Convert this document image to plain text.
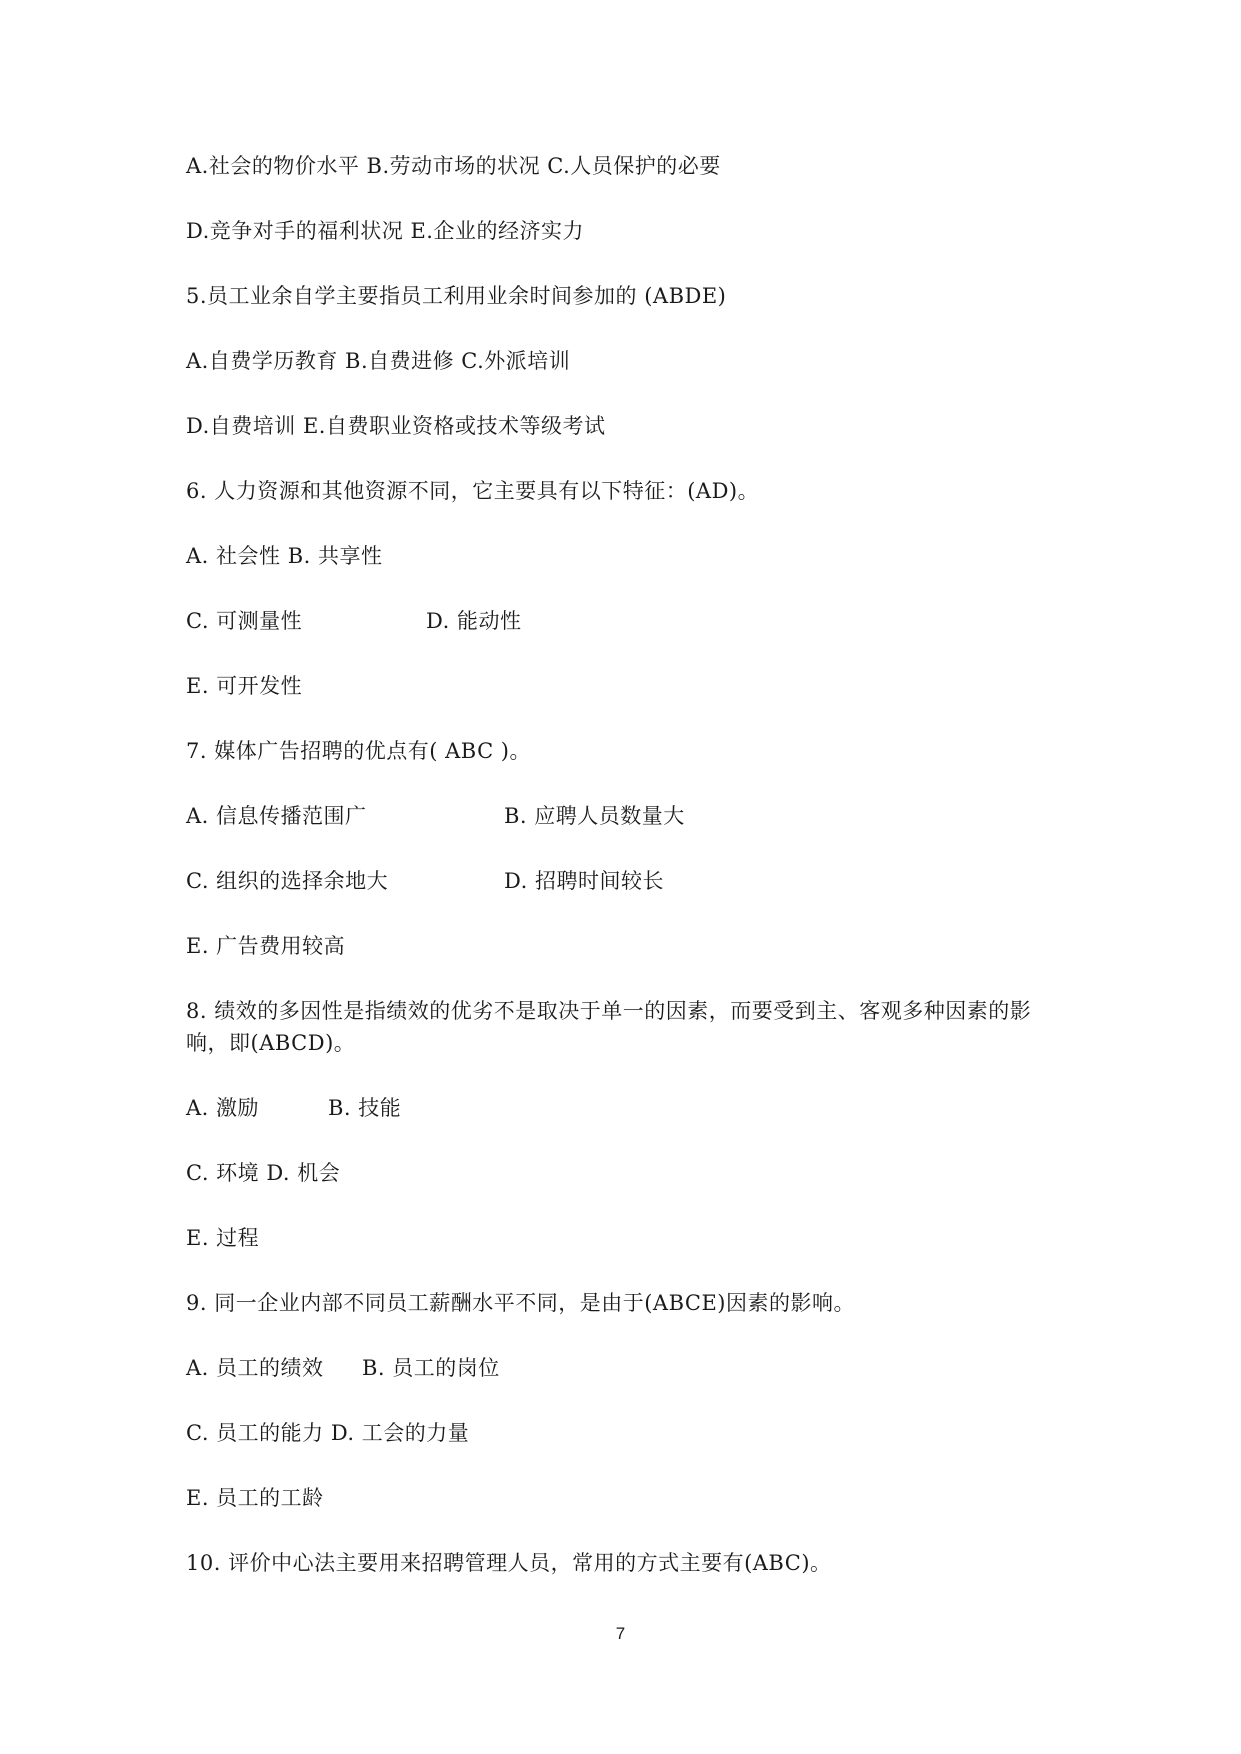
A.社会的物价水平 B.劳动市场的状况 C.人员保护的必要
D.竞争对手的福利状况 E.企业的经济实力
5.员工业余自学主要指员工利用业余时间参加的 (ABDE)
A.自费学历教育 B.自费进修 C.外派培训
D.自费培训 E.自费职业资格或技术等级考试
6. 人力资源和其他资源不同，它主要具有以下特征：(AD)。
A. 社会性 B. 共享性
C. 可测量性	D. 能动性
E. 可开发性
7. 媒体广告招聘的优点有( ABC )。
A. 信息传播范围广	B. 应聘人员数量大
C. 组织的选择余地大	D. 招聘时间较长
E. 广告费用较高
8. 绩效的多因性是指绩效的优劣不是取决于单一的因素，而要受到主、客观多种因素的影响，即(ABCD)。
A. 激励	B. 技能
C. 环境 D. 机会
E. 过程
9. 同一企业内部不同员工薪酬水平不同，是由于(ABCE)因素的影响。
A. 员工的绩效 B. 员工的岗位
C. 员工的能力 D. 工会的力量
E. 员工的工龄
10. 评价中心法主要用来招聘管理人员，常用的方式主要有(ABC)。
7
